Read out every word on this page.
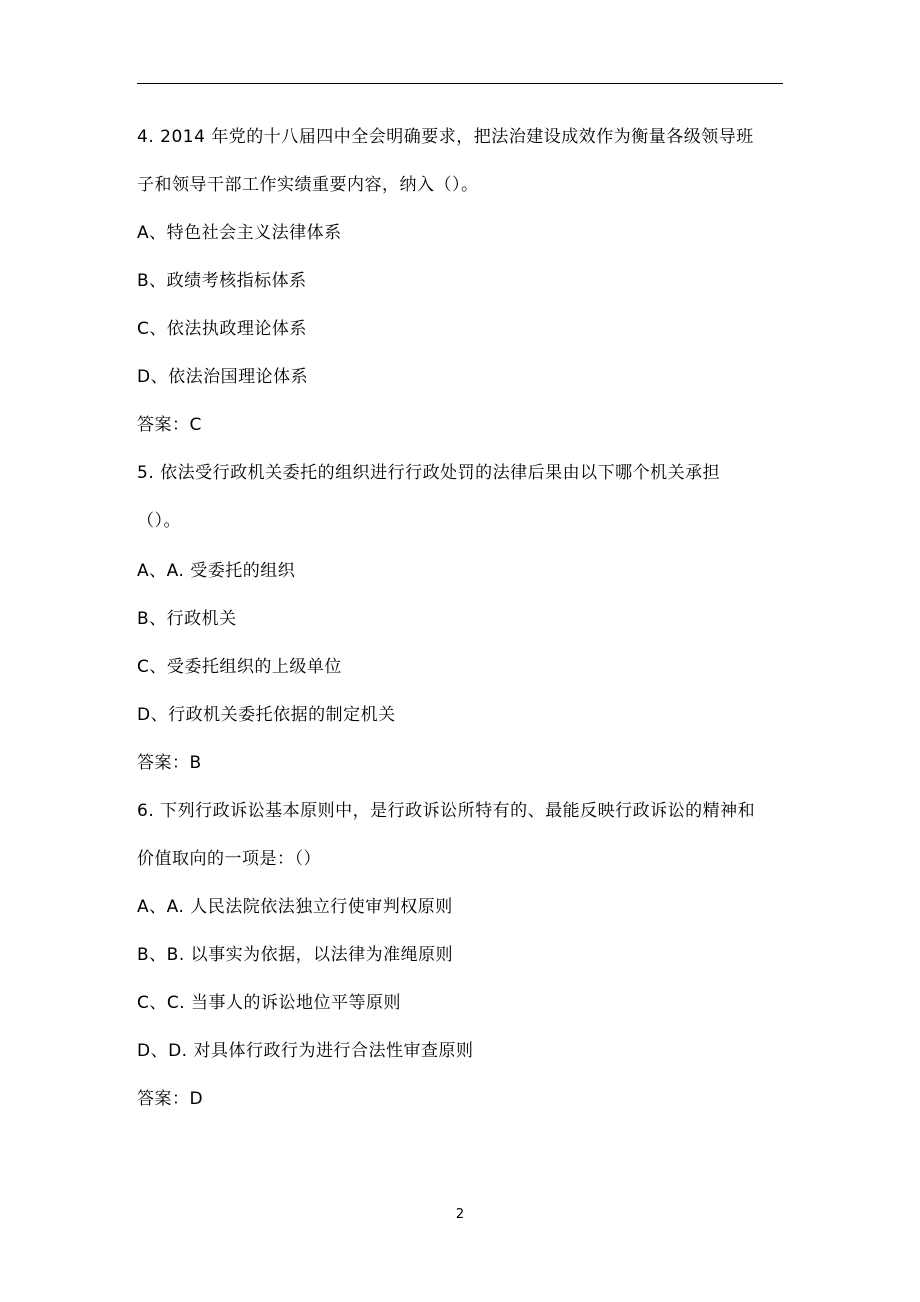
4. 2014 年党的十八届四中全会明确要求，把法治建设成效作为衡量各级领导班
子和领导干部工作实绩重要内容，纳入（）。
A、特色社会主义法律体系
B、政绩考核指标体系
C、依法执政理论体系
D、依法治国理论体系
答案：C
5. 依法受行政机关委托的组织进行行政处罚的法律后果由以下哪个机关承担
（）。
A、A. 受委托的组织
B、行政机关
C、受委托组织的上级单位
D、行政机关委托依据的制定机关
答案：B
6. 下列行政诉讼基本原则中，是行政诉讼所特有的、最能反映行政诉讼的精神和
价值取向的一项是：（）
A、A. 人民法院依法独立行使审判权原则
B、B. 以事实为依据，以法律为准绳原则
C、C. 当事人的诉讼地位平等原则
D、D. 对具体行政行为进行合法性审查原则
答案：D
2
